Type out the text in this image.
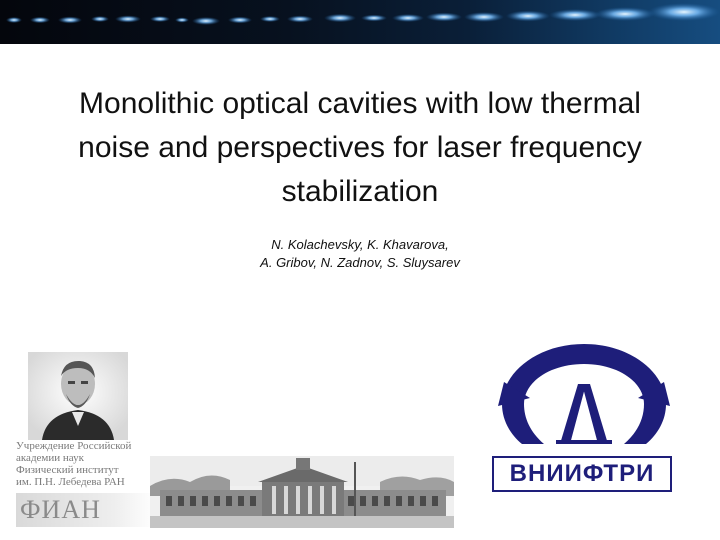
Monolithic optical cavities with low thermal
noise and perspectives for laser frequency
stabilization
N. Kolachevsky, K. Khavarova,
A. Gribov, N. Zadnov, S. Sluysarev
Учреждение Российской
академии наук
Физический институт
им. П.Н. Лебедева РАН
ФИАН
ВНИИФТРИ
